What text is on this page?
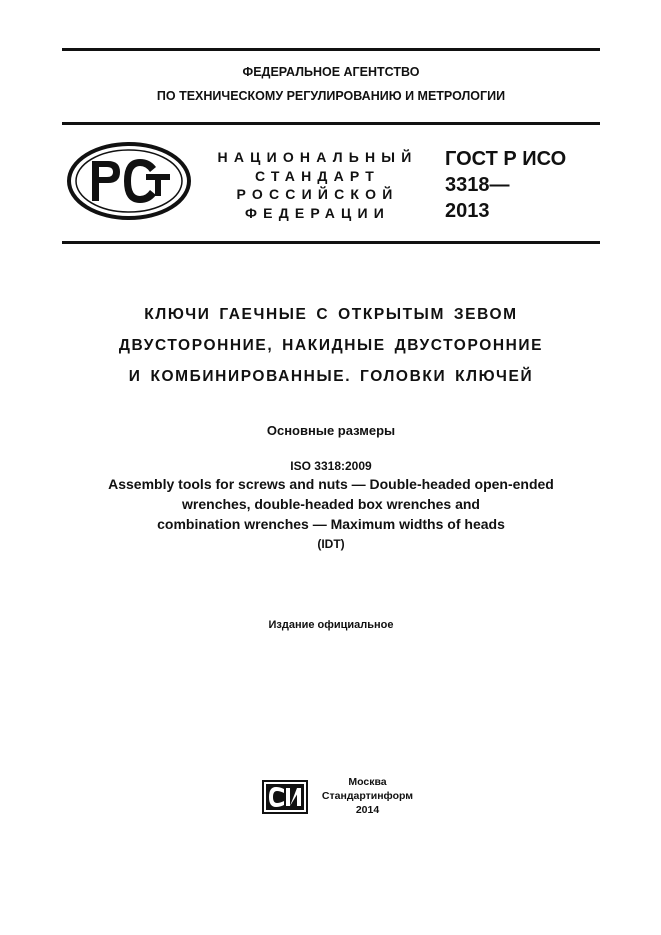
ФЕДЕРАЛЬНОЕ АГЕНТСТВО
ПО ТЕХНИЧЕСКОМУ РЕГУЛИРОВАНИЮ И МЕТРОЛОГИИ
НАЦИОНАЛЬНЫЙ
СТАНДАРТ
РОССИЙСКОЙ
ФЕДЕРАЦИИ
ГОСТ Р ИСО
3318—
2013
КЛЮЧИ ГАЕЧНЫЕ С ОТКРЫТЫМ ЗЕВОМ
ДВУСТОРОННИЕ, НАКИДНЫЕ ДВУСТОРОННИЕ
И КОМБИНИРОВАННЫЕ. ГОЛОВКИ КЛЮЧЕЙ
Основные размеры
ISO 3318:2009
Assembly tools for screws and nuts — Double-headed open-ended
wrenches, double-headed box wrenches and
combination wrenches — Maximum widths of heads
(IDT)
Издание официальное
Москва
Стандартинформ
2014
